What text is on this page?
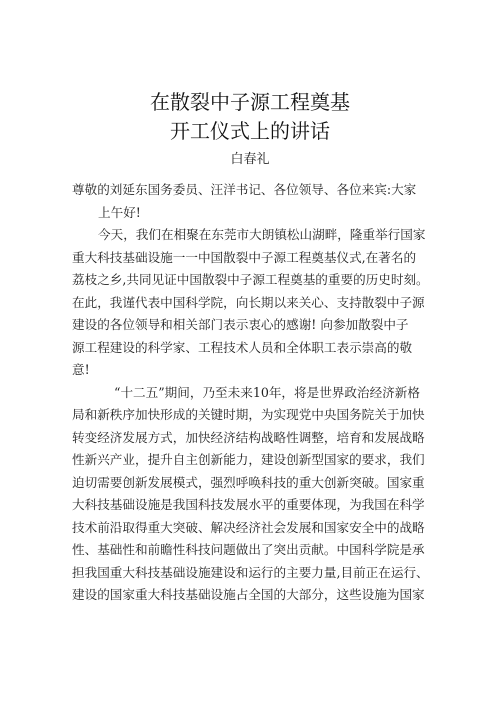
在散裂中子源工程奠基
开工仪式上的讲话
白春礼
尊敬的刘延东国务委员、汪洋书记、各位领导、各位来宾:大家
上午好!
今天，我们在相聚在东莞市大朗镇松山湖畔，隆重举行国家
重大科技基础设施一一中国散裂中子源工程奠基仪式,在著名的
荔枝之乡,共同见证中国散裂中子源工程奠基的重要的历史时刻。
在此，我谨代表中国科学院，向长期以来关心、支持散裂中子源
建设的各位领导和相关部门表示衷心的感谢! 向参加散裂中子
源工程建设的科学家、工程技术人员和全体职工表示崇高的敬
意!
“十二五”期间，乃至未来10年，将是世界政治经济新格
局和新秩序加快形成的关键时期，为实现党中央国务院关于加快
转变经济发展方式，加快经济结构战略性调整，培育和发展战略
性新兴产业，提升自主创新能力，建设创新型国家的要求，我们
迫切需要创新发展模式，强烈呼唤科技的重大创新突破。国家重
大科技基础设施是我国科技发展水平的重要体现，为我国在科学
技术前沿取得重大突破、解决经济社会发展和国家安全中的战略
性、基础性和前瞻性科技问题做出了突出贡献。中国科学院是承
担我国重大科技基础设施建设和运行的主要力量,目前正在运行、
建设的国家重大科技基础设施占全国的大部分，这些设施为国家
